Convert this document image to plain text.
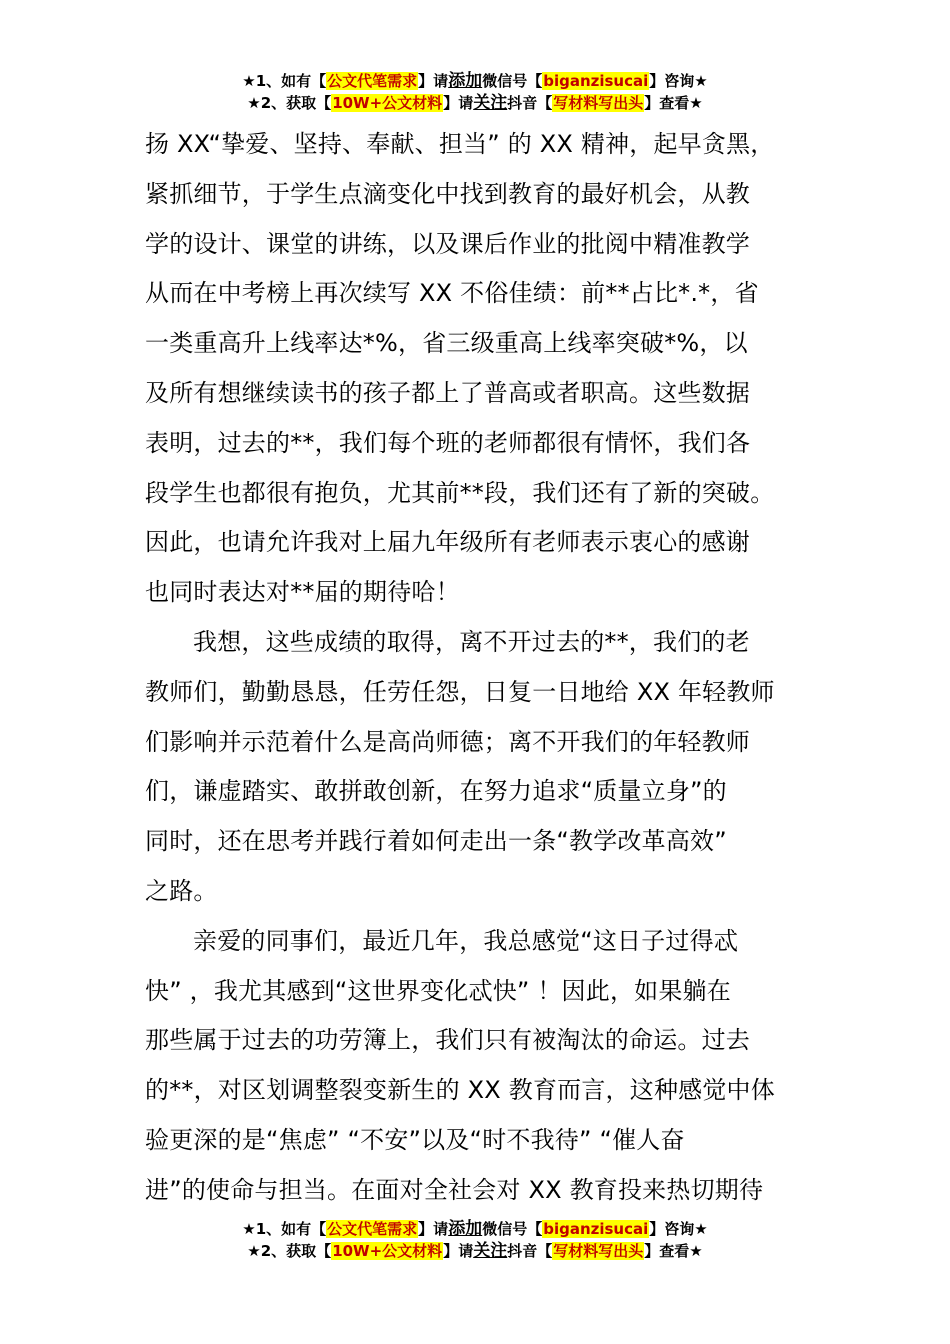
★1、如有【公文代笔需求】请添加微信号【biganzisucai】咨询★
★2、获取【10W+公文材料】请关注抖音【写材料写出头】查看★
扬 XX“挚爱、坚持、奉献、担当” 的 XX 精神，起早贪黑，
紧抓细节，于学生点滴变化中找到教育的最好机会，从教
学的设计、课堂的讲练，以及课后作业的批阅中精准教学
从而在中考榜上再次续写 XX 不俗佳绩：前**占比*.*，省
一类重高升上线率达*%，省三级重高上线率突破*%，以
及所有想继续读书的孩子都上了普高或者职高。这些数据
表明，过去的**，我们每个班的老师都很有情怀，我们各
段学生也都很有抱负，尤其前**段，我们还有了新的突破。
因此，也请允许我对上届九年级所有老师表示衷心的感谢
也同时表达对**届的期待哈！
我想，这些成绩的取得，离不开过去的**，我们的老
教师们，勤勤恳恳，任劳任怨，日复一日地给 XX 年轻教师
们影响并示范着什么是高尚师德；离不开我们的年轻教师
们，谦虚踏实、敢拼敢创新，在努力追求“质量立身”的
同时，还在思考并践行着如何走出一条“教学改革高效”
之路。
亲爱的同事们，最近几年，我总感觉“这日子过得忒
快” ，我尤其感到“这世界变化忒快” ！因此，如果躺在
那些属于过去的功劳簿上，我们只有被淘汰的命运。过去
的**，对区划调整裂变新生的 XX 教育而言，这种感觉中体
验更深的是“焦虑” “不安”以及“时不我待” “催人奋
进”的使命与担当。在面对全社会对 XX 教育投来热切期待
★1、如有【公文代笔需求】请添加微信号【biganzisucai】咨询★
★2、获取【10W+公文材料】请关注抖音【写材料写出头】查看★
